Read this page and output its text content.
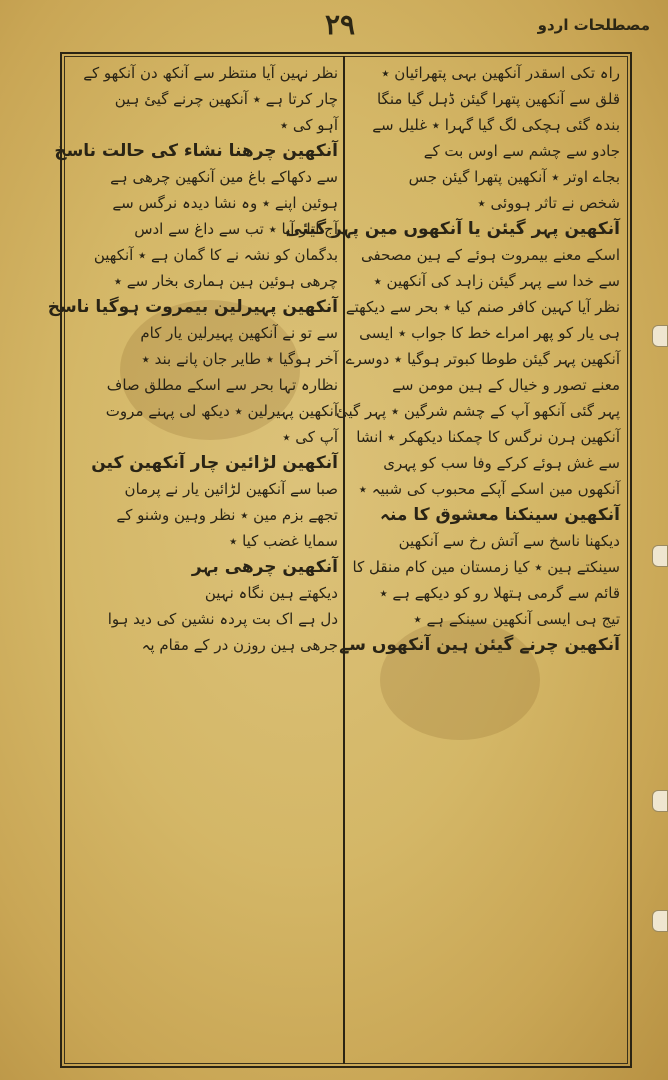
۲۹	مصطلحات اردو
راہ تکی اسقدر آنکھین بہی پتھرائیان ٭
قلق سے آنکھین پتھرا گیئن ڈہل گیا منگا
بندہ گئی ہچکی لگ گیا گہرا ٭ غلیل سے
جادو سے چشم سے اوس بت کے
بجاے اوتر ٭ آنکھین پتھرا گیئن جس
شخص نے تاثر ہووئی ٭
آنکھین پہر گیئن یا آنکھوں مین پہر گیئی
اسکے معنے بیمروت ہوئے کے ہین مصحفی
سے خدا سے پہر گیئن زاہد کی آنکھین ٭
نظر آیا کہین کافر صنم کیا ٭ بحر سے دیکھتے
ہی یار کو پھر امراے خط کا جواب ٭ ایسی
آنکھین پہر گیئن طوطا کبوتر ہوگیا ٭ دوسرے
معنے تصور و خیال کے ہین مومن سے
پہر گئی آنکھو آپ کے چشم شرگین ٭ پہر گیئ
آنکھین ہرن نرگس کا چمکنا دیکھکر ٭ انشا
سے غش ہوئے کرکے وفا سب کو پہری
آنکھوں مین اسکے آپکے محبوب کی شبیہ ٭
آنکھین سینکنا معشوق کا منہ
دیکھنا ناسخ سے آتش رخ سے آنکھین
سینکتے ہین ٭ کیا زمستان مین کام منقل کا
قائم سے گرمی ہتھلا رو کو دیکھے ہے ٭
تیج ہی ایسی آنکھین سینکے ہے ٭
آنکھین چرنے گیئن ہین آنکھوں سے
نظر نہین آیا منتظر سے آنکھ دن آنکھو کے
چار کرتا ہے ٭ آنکھین چرنے گیئ ہین
آہو کی ٭
آنکھین چرھنا نشاء کی حالت ناسخ
سے دکھاکے باغ مین آنکھین چرھی ہے
ہوئین اپنے ٭ وہ نشا دیدہ نرگس سے
آج اتار آیا ٭ تب سے داغ سے ادس
بدگمان کو نشہ نے کا گمان ہے ٭ آنکھین
چرھی ہوئین ہین ہماری بخار سے ٭
آنکھین پہیرلین بیمروت ہوگیا ناسخ
سے تو نے آنکھین پہیرلین یار کام
آخر ہوگیا ٭ طایر جان پانے بند ٭
نظارہ تہا بحر سے اسکے مطلق صاف
آنکھین پہیرلین ٭ دیکھ لی پہنے مروت
آپ کی ٭
آنکھین لڑائین چار آنکھین کین
صبا سے آنکھین لڑائین یار نے پرمان
تجھے بزم مین ٭ نظر وہین وشنو کے
سمایا غضب کیا ٭
آنکھین چرھی بہر
دیکھتے ہین نگاہ نہین
دل ہے اک بت پردہ نشین کی دید ہوا
جرھی ہین روزن در کے مقام پہ
